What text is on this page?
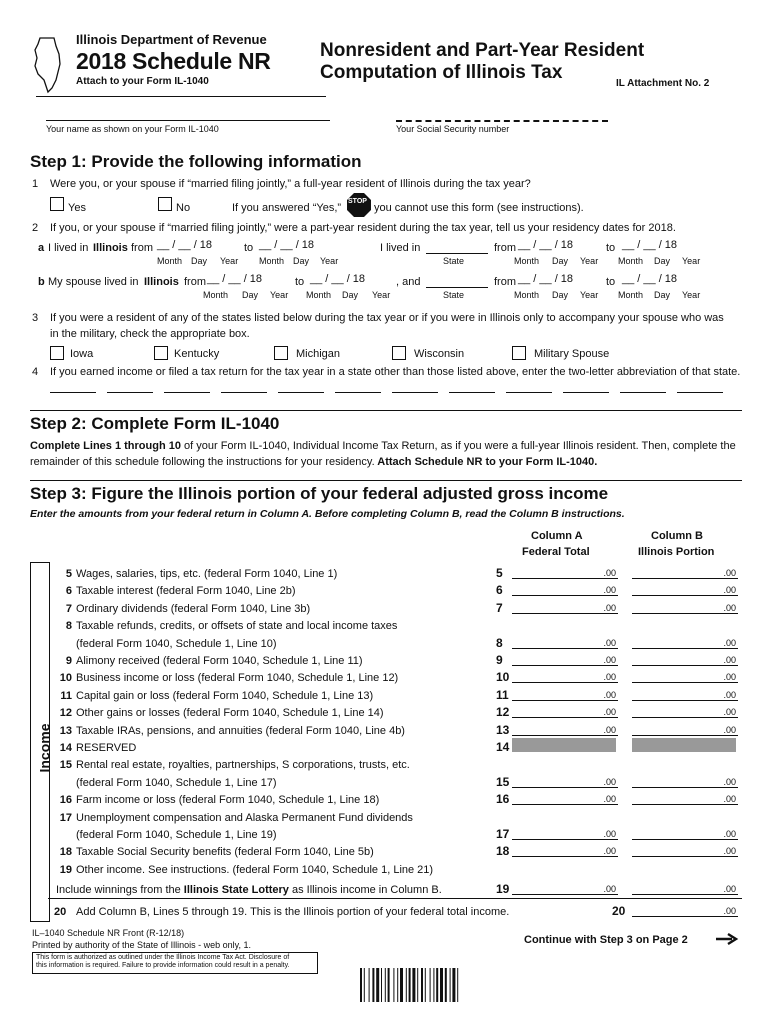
Illinois Department of Revenue
2018 Schedule NR
Attach to your Form IL-1040
Nonresident and Part-Year Resident
Computation of Illinois Tax
IL Attachment No. 2
Your name as shown on your Form IL-1040	Your Social Security number
Step 1: Provide the following information
1 Were you, or your spouse if “married filing jointly,” a full-year resident of Illinois during the tax year?
Yes	No	If you answered “Yes,”
STOP
you cannot use this form (see instructions).
2 If you, or your spouse if “married filing jointly,” were a part-year resident during the tax year, tell us your residency dates for 2018.
a I lived in Illinois from __ / __ / 18	to __ / __ / 18
Month Day Year Month Day Year
I lived in
State
from __ / __ / 18	to __ / __ / 18
Month Day Year Month Day Year
b My spouse lived in Illinois from __ / __ / 18	to __ / __ / 18	, and
Month Day Year Month Day Year	State
from __ / __ / 18	to __ / __ / 18
Month Day Year Month Day Year
3 If you were a resident of any of the states listed below during the tax year or if you were in Illinois only to accompany your spouse who was in the military, check the appropriate box.
Iowa	Kentucky	Michigan	Wisconsin	Military Spouse
4 If you earned income or filed a tax return for the tax year in a state other than those listed above, enter the two-letter abbreviation of that state.
Step 2: Complete Form IL-1040
Complete Lines 1 through 10 of your Form IL-1040, Individual Income Tax Return, as if you were a full-year Illinois resident. Then, complete the remainder of this schedule following the instructions for your residency. Attach Schedule NR to your Form IL-1040.
Step 3: Figure the Illinois portion of your federal adjusted gross income
Enter the amounts from your federal return in Column A. Before completing Column B, read the Column B instructions.
Column A
Federal Total
Column B
Illinois Portion
Income
5 Wages, salaries, tips, etc. (federal Form 1040, Line 1)	5	.00	.00
6 Taxable interest (federal Form 1040, Line 2b)	6	.00	.00
7 Ordinary dividends (federal Form 1040, Line 3b)	7	.00	.00
8 Taxable refunds, credits, or offsets of state and local income taxes
(federal Form 1040, Schedule 1, Line 10)	8	.00	.00
9 Alimony received (federal Form 1040, Schedule 1, Line 11)	9	.00	.00
10 Business income or loss (federal Form 1040, Schedule 1, Line 12)	10	.00	.00
11 Capital gain or loss (federal Form 1040, Schedule 1, Line 13)	11	.00	.00
12 Other gains or losses (federal Form 1040, Schedule 1, Line 14)	12	.00	.00
13 Taxable IRAs, pensions, and annuities (federal Form 1040, Line 4b)	13	.00	.00
14 RESERVED	14
15 Rental real estate, royalties, partnerships, S corporations, trusts, etc.
(federal Form 1040, Schedule 1, Line 17)	15	.00	.00
16 Farm income or loss (federal Form 1040, Schedule 1, Line 18)	16	.00	.00
17 Unemployment compensation and Alaska Permanent Fund dividends
(federal Form 1040, Schedule 1, Line 19)	17	.00	.00
18 Taxable Social Security benefits (federal Form 1040, Line 5b)	18	.00	.00
19 Other income. See instructions. (federal Form 1040, Schedule 1, Line 21)
Include winnings from the Illinois State Lottery as Illinois income in Column B.	19	.00	.00
20 Add Column B, Lines 5 through 19. This is the Illinois portion of your federal total income.	20	.00
IL–1040 Schedule NR Front (R-12/18)
Printed by authority of the State of Illinois - web only, 1.
This form is authorized as outlined under the Illinois Income Tax Act. Disclosure of
this information is required. Failure to provide information could result in a penalty.
Continue with Step 3 on Page 2
